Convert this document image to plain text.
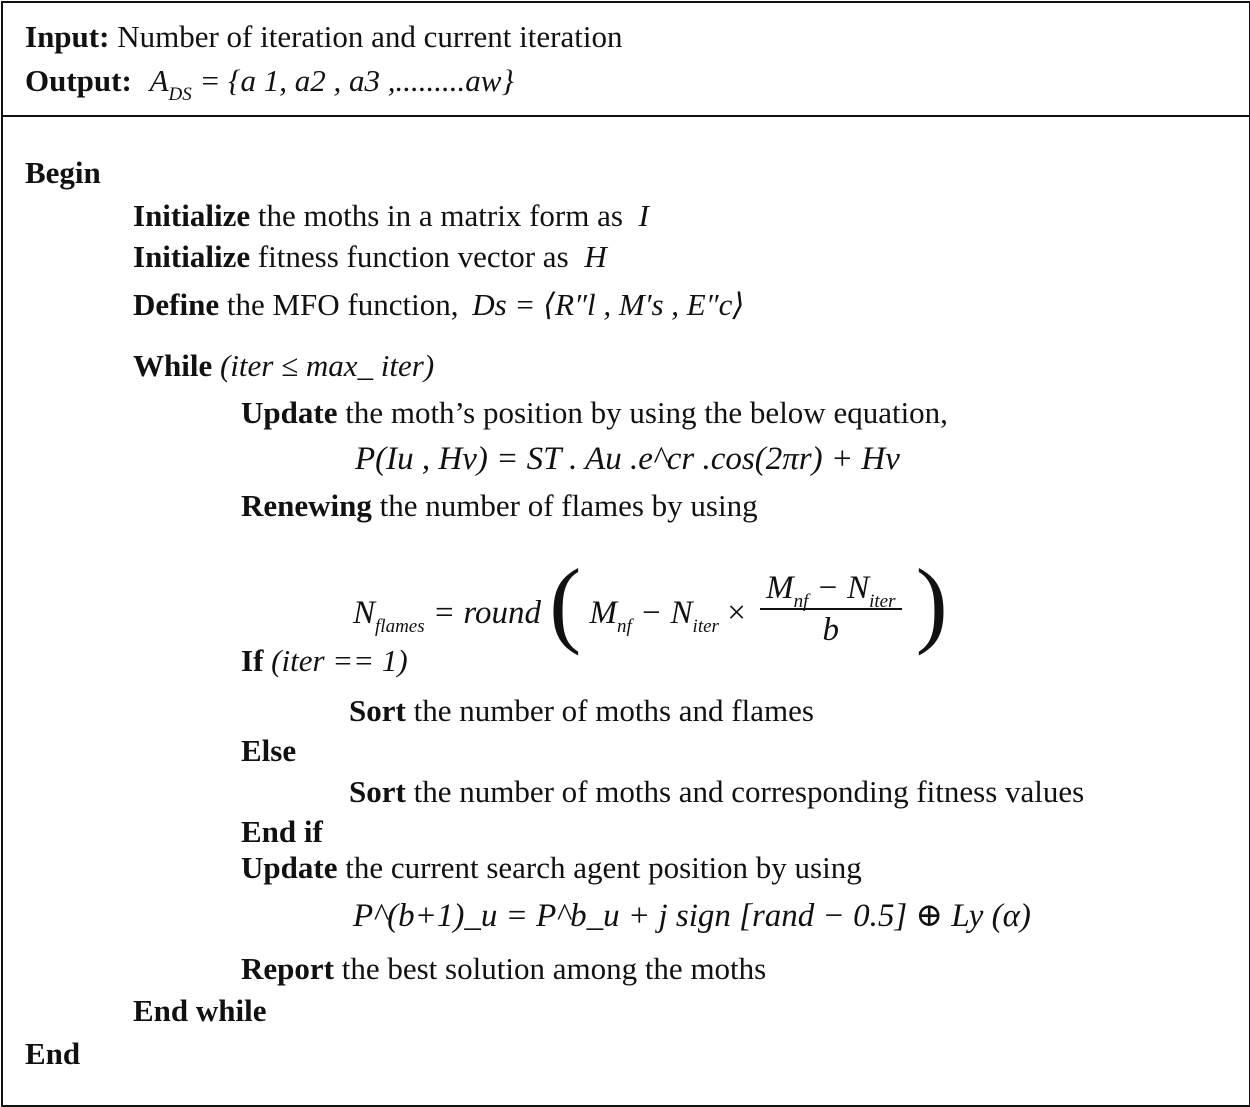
Input: Number of iteration and current iteration
Output: $A_{DS} = \{a$ 1, a2 , a3 ,.........aw}
Begin
Initialize the moths in a matrix form as I
Initialize fitness function vector as H
Define the MFO function, Ds = ⟨R″l , M′s , E″c⟩
While (iter ≤ max_ iter)
Update the moth’s position by using the below equation,
P(Iu , Hv) = ST . Au .e^cr .cos(2πr) + Hv
Renewing the number of flames by using
$N_{flames}$ = round ( $M_{nf} - N_{iter} \times \frac{M_{nf} - N_{iter}}{b}$ )
If (iter == 1)
Sort the number of moths and flames
Else
Sort the number of moths and corresponding fitness values
End if
Update the current search agent position by using
P^(b+1)_u = P^b_u + j sign [rand − 0.5] ⊕ Ly (α)
Report the best solution among the moths
End while
End
